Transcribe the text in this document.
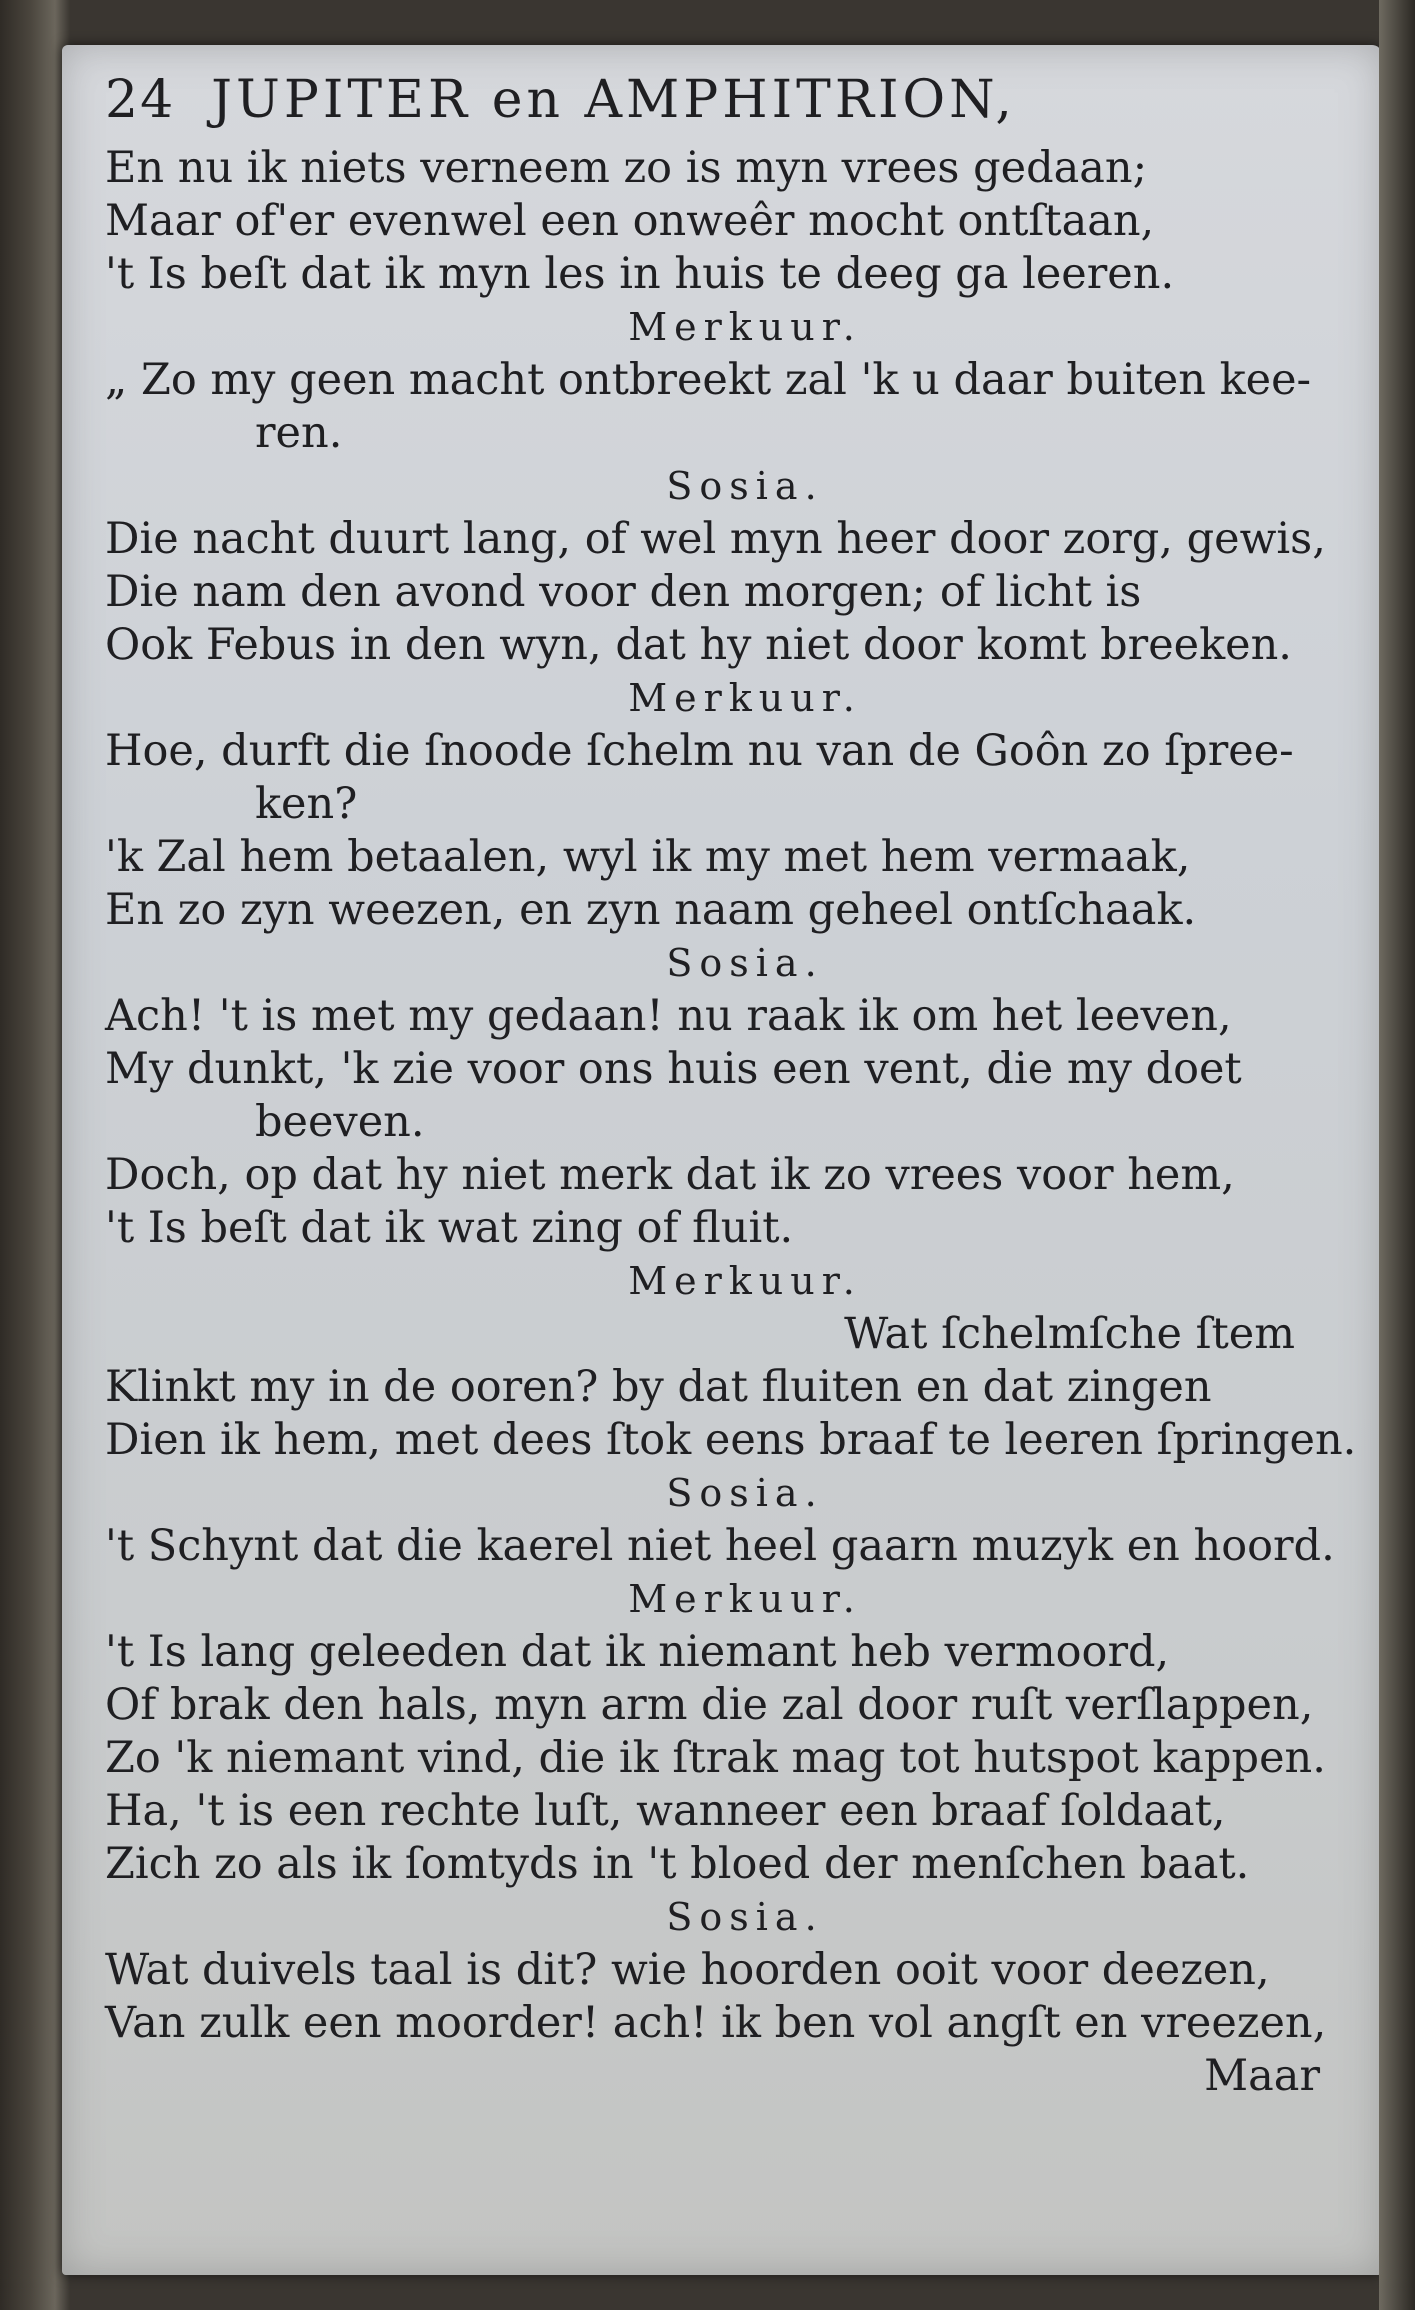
24 JUPITER en AMPHITRION,
En nu ik niets verneem zo is myn vrees gedaan;
Maar of'er evenwel een onweêr mocht ontſtaan,
't Is beſt dat ik myn les in huis te deeg ga leeren.
Merkuur.
„ Zo my geen macht ontbreekt zal 'k u daar buiten kee-
ren.
Sosia.
Die nacht duurt lang, of wel myn heer door zorg, gewis,
Die nam den avond voor den morgen; of licht is
Ook Febus in den wyn, dat hy niet door komt breeken.
Merkuur.
Hoe, durft die ſnoode ſchelm nu van de Goôn zo ſpree-
ken?
'k Zal hem betaalen, wyl ik my met hem vermaak,
En zo zyn weezen, en zyn naam geheel ontſchaak.
Sosia.
Ach! 't is met my gedaan! nu raak ik om het leeven,
My dunkt, 'k zie voor ons huis een vent, die my doet
beeven.
Doch, op dat hy niet merk dat ik zo vrees voor hem,
't Is beſt dat ik wat zing of fluit.
Merkuur.
Wat ſchelmſche ſtem
Klinkt my in de ooren? by dat fluiten en dat zingen
Dien ik hem, met dees ſtok eens braaf te leeren ſpringen.
Sosia.
't Schynt dat die kaerel niet heel gaarn muzyk en hoord.
Merkuur.
't Is lang geleeden dat ik niemant heb vermoord,
Of brak den hals, myn arm die zal door ruſt verſlappen,
Zo 'k niemant vind, die ik ſtrak mag tot hutspot kappen.
Ha, 't is een rechte luſt, wanneer een braaf ſoldaat,
Zich zo als ik ſomtyds in 't bloed der menſchen baat.
Sosia.
Wat duivels taal is dit? wie hoorden ooit voor deezen,
Van zulk een moorder! ach! ik ben vol angſt en vreezen,
Maar
